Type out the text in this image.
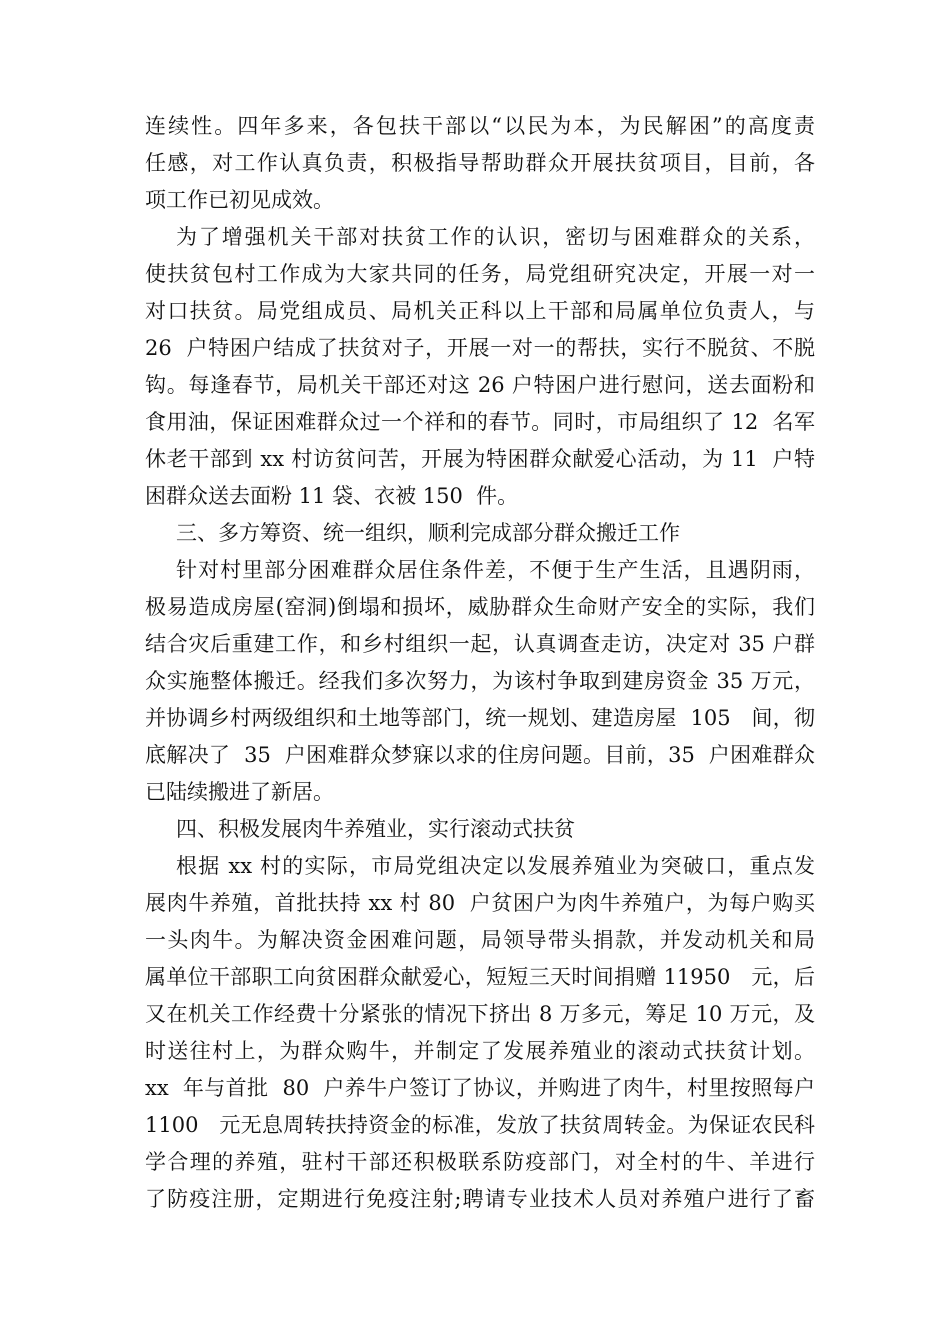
连续性。四年多来，各包扶干部以“以民为本，为民解困”的高度责
任感，对工作认真负责，积极指导帮助群众开展扶贫项目，目前，各
项工作已初见成效。
为了增强机关干部对扶贫工作的认识，密切与困难群众的关系，
使扶贫包村工作成为大家共同的任务，局党组研究决定，开展一对一
对口扶贫。局党组成员、局机关正科以上干部和局属单位负责人，与
26  户特困户结成了扶贫对子，开展一对一的帮扶，实行不脱贫、不脱
钩。每逢春节，局机关干部还对这 26 户特困户进行慰问，送去面粉和
食用油，保证困难群众过一个祥和的春节。同时，市局组织了 12  名军
休老干部到 xx 村访贫问苦，开展为特困群众献爱心活动，为 11  户特
困群众送去面粉 11 袋、衣被 150  件。
三、多方筹资、统一组织，顺利完成部分群众搬迁工作
针对村里部分困难群众居住条件差，不便于生产生活，且遇阴雨，
极易造成房屋(窑洞)倒塌和损坏，威胁群众生命财产安全的实际，我们
结合灾后重建工作，和乡村组织一起，认真调查走访，决定对 35 户群
众实施整体搬迁。经我们多次努力，为该村争取到建房资金 35 万元，
并协调乡村两级组织和土地等部门，统一规划、建造房屋  105   间，彻
底解决了  35  户困难群众梦寐以求的住房问题。目前，35  户困难群众
已陆续搬进了新居。
四、积极发展肉牛养殖业，实行滚动式扶贫
根据 xx 村的实际，市局党组决定以发展养殖业为突破口，重点发
展肉牛养殖，首批扶持 xx 村 80  户贫困户为肉牛养殖户，为每户购买
一头肉牛。为解决资金困难问题，局领导带头捐款，并发动机关和局
属单位干部职工向贫困群众献爱心，短短三天时间捐赠 11950   元，后
又在机关工作经费十分紧张的情况下挤出 8 万多元，筹足 10 万元，及
时送往村上，为群众购牛，并制定了发展养殖业的滚动式扶贫计划。
xx  年与首批  80  户养牛户签订了协议，并购进了肉牛，村里按照每户
1100   元无息周转扶持资金的标准，发放了扶贫周转金。为保证农民科
学合理的养殖，驻村干部还积极联系防疫部门，对全村的牛、羊进行
了防疫注册，定期进行免疫注射;聘请专业技术人员对养殖户进行了畜
